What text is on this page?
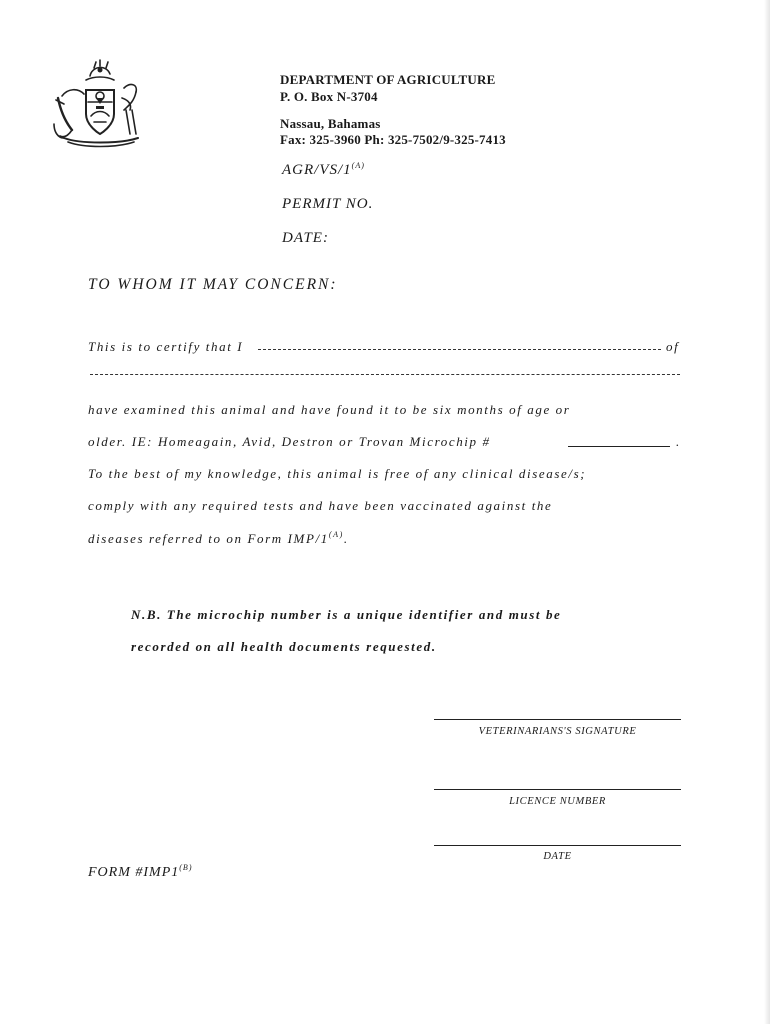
DEPARTMENT OF AGRICULTURE
P. O. Box N-3704
Nassau, Bahamas
Fax: 325-3960 Ph: 325-7502/9-325-7413
AGR/$VS/1^{(A)}$
PERMIT NO.
DATE:
TO WHOM IT MAY CONCERN:
This is to certify that I	of
have examined this animal and have found it to be six months of age or
older. IE: Homeagain, Avid, Destron or Trovan Microchip #	.
To the best of my knowledge, this animal is free of any clinical disease/s;
comply with any required tests and have been vaccinated against the
diseases referred to on Form IMP/$1^{(A)}$.
N.B. The microchip number is a unique identifier and must be
recorded on all health documents requested.
VETERINARIANS'S SIGNATURE
LICENCE NUMBER
DATE
FORM $\#IMP1^{(B)}$
